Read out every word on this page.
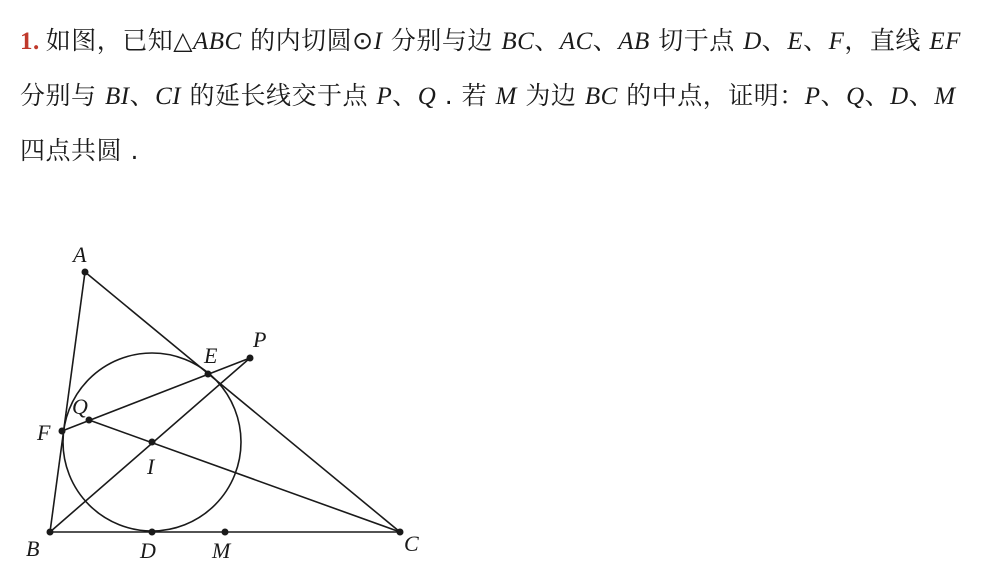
1. 如图，已知△ABC 的内切圆⊙I 分别与边 BC、AC、AB 切于点 D、E、F，直线 EF 分别与 BI、CI 的延长线交于点 P、Q . 若 M 为边 BC 的中点，证明：P、Q、D、M 四点共圆 .
A
B	C
D	M
E
F
P
Q
I
